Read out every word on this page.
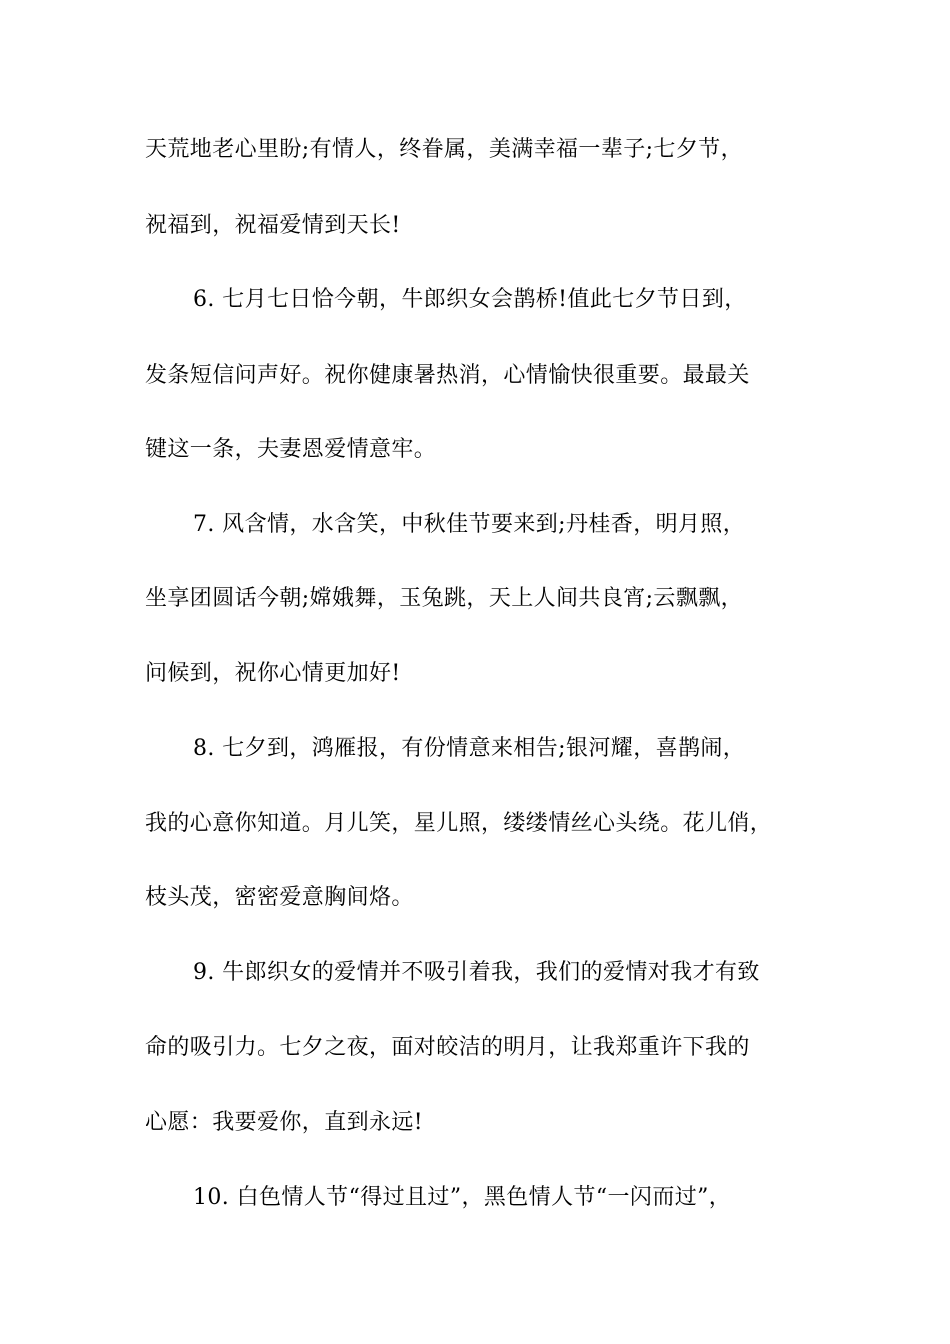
天荒地老心里盼;有情人，终眷属，美满幸福一辈子;七夕节，
祝福到，祝福爱情到天长!
6. 七月七日恰今朝，牛郎织女会鹊桥!值此七夕节日到，
发条短信问声好。祝你健康暑热消，心情愉快很重要。最最关
键这一条，夫妻恩爱情意牢。
7. 风含情，水含笑，中秋佳节要来到;丹桂香，明月照，
坐享团圆话今朝;嫦娥舞，玉兔跳，天上人间共良宵;云飘飘，
问候到，祝你心情更加好!
8. 七夕到，鸿雁报，有份情意来相告;银河耀，喜鹊闹，
我的心意你知道。月儿笑，星儿照，缕缕情丝心头绕。花儿俏，
枝头茂，密密爱意胸间烙。
9. 牛郎织女的爱情并不吸引着我，我们的爱情对我才有致
命的吸引力。七夕之夜，面对皎洁的明月，让我郑重许下我的
心愿：我要爱你，直到永远!
10. 白色情人节“得过且过”，黑色情人节“一闪而过”，
